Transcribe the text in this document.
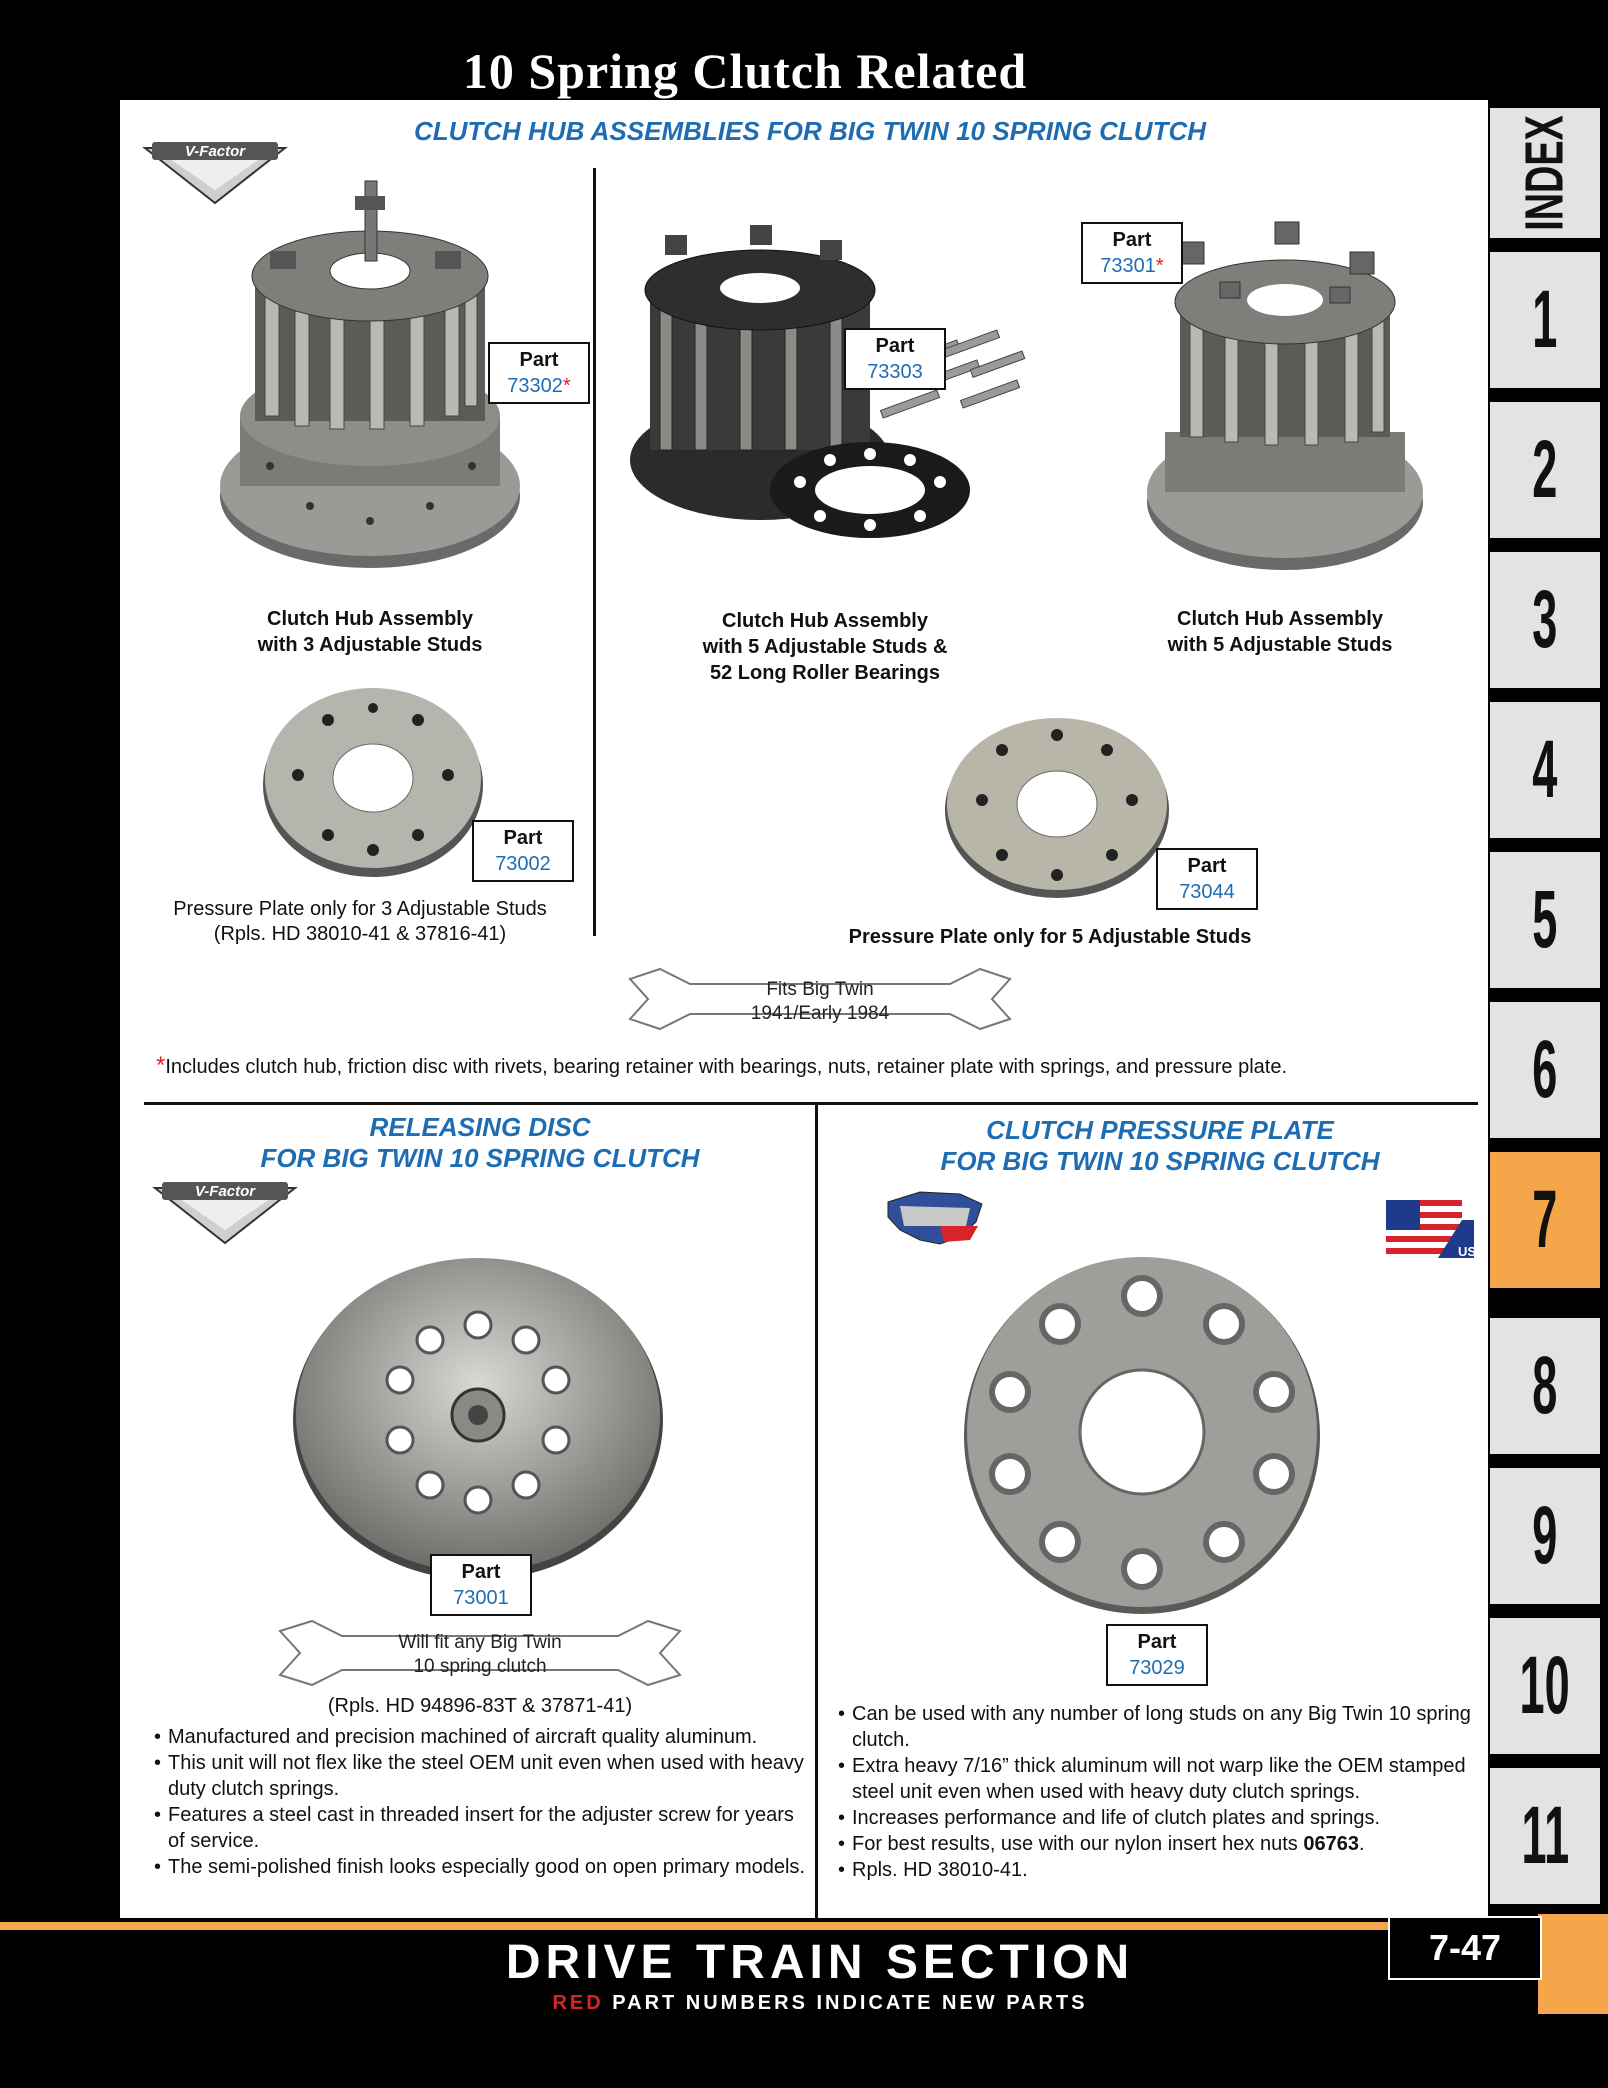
10 Spring Clutch Related
INDEX
1
2
3
4
5
6
7
8
9
10
11
CLUTCH HUB ASSEMBLIES FOR BIG TWIN 10 SPRING CLUTCH
V-Factor
Part
73302*
Clutch Hub Assembly
with 3 Adjustable Studs
Part
73303
Clutch Hub Assembly
with 5 Adjustable Studs &
52 Long Roller Bearings
Part
73301*
Clutch Hub Assembly
with 5 Adjustable Studs
Part
73002
Pressure Plate only for 3 Adjustable Studs
(Rpls. HD 38010-41 & 37816-41)
Part
73044
Pressure Plate only for 5 Adjustable Studs
Fits Big Twin
1941/Early 1984
*Includes clutch hub, friction disc with rivets, bearing retainer with bearings, nuts, retainer plate with springs, and pressure plate.
RELEASING DISC
FOR BIG TWIN 10 SPRING CLUTCH
V-Factor
Part
73001
Will fit any Big Twin
10 spring clutch
(Rpls. HD 94896-83T & 37871-41)
• Manufactured and precision machined of aircraft quality aluminum.
• This unit will not flex like the steel OEM unit even when used with heavy duty clutch springs.
• Features a steel cast in threaded insert for the adjuster screw for years of service.
• The semi-polished finish looks especially good on open primary models.
CLUTCH PRESSURE PLATE
FOR BIG TWIN 10 SPRING CLUTCH
USA
Part
73029
• Can be used with any number of long studs on any Big Twin 10 spring clutch.
• Extra heavy 7/16” thick aluminum will not warp like the OEM stamped steel unit even when used with heavy duty clutch springs.
• Increases performance and life of clutch plates and springs.
• For best results, use with our nylon insert hex nuts 06763.
• Rpls. HD 38010-41.
DRIVE TRAIN SECTION
RED PART NUMBERS INDICATE NEW PARTS
7-47
